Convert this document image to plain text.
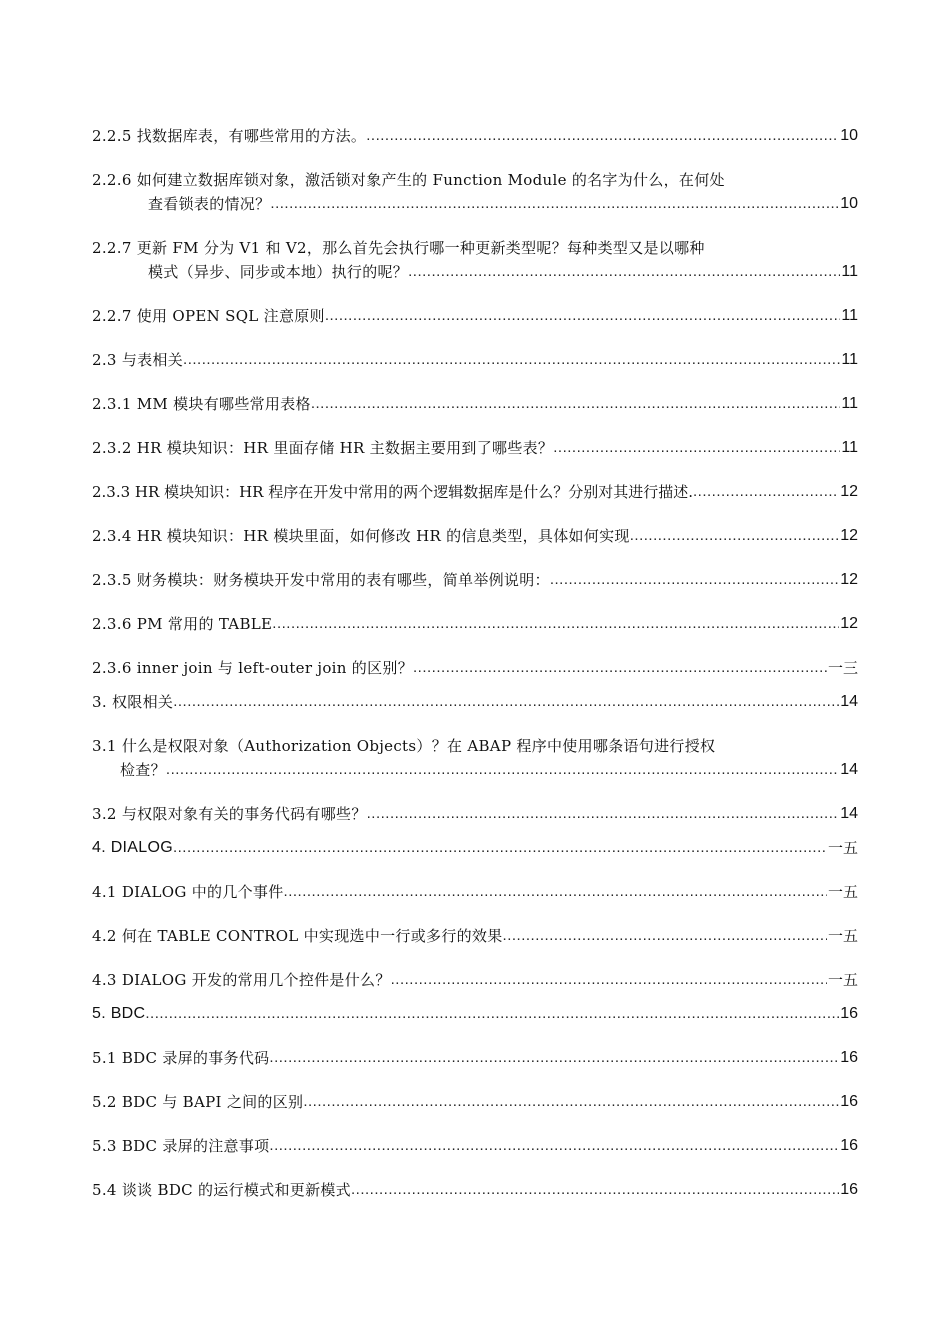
2.2.5 找数据库表，有哪些常用的方法。 .....	10
2.2.6 如何建立数据库锁对象，激活锁对象产生的 Function Module 的名字为什么，在何处
查看锁表的情况？ .....	10
2.2.7 更新 FM 分为 V1 和 V2，那么首先会执行哪一种更新类型呢？每种类型又是以哪种
模式（异步、同步或本地）执行的呢？ .....	11
2.2.7 使用 OPEN SQL 注意原则 .....	11
2.3 与表相关 .....	11
2.3.1 MM 模块有哪些常用表格 .....	11
2.3.2 HR 模块知识：HR 里面存储 HR 主数据主要用到了哪些表？ .....	11
2.3.3 HR 模块知识：HR 程序在开发中常用的两个逻辑数据库是什么？分别对其进行描述. .....	12
2.3.4 HR 模块知识：HR 模块里面，如何修改 HR 的信息类型，具体如何实现 .....	12
2.3.5 财务模块：财务模块开发中常用的表有哪些，简单举例说明： .....	12
2.3.6 PM 常用的 TABLE .....	12
2.3.6 inner join 与 left-outer join 的区别？ .....	一三
3. 权限相关 .....	14
3.1 什么是权限对象（Authorization Objects）？在 ABAP 程序中使用哪条语句进行授权
检查？ .....	14
3.2 与权限对象有关的事务代码有哪些？ .....	14
4. DIALOG .....	一五
4.1 DIALOG 中的几个事件 .....	一五
4.2 何在 TABLE CONTROL 中实现选中一行或多行的效果 .....	一五
4.3 DIALOG 开发的常用几个控件是什么？ .....	一五
5. BDC .....	16
5.1 BDC 录屏的事务代码 .....	16
5.2 BDC 与 BAPI 之间的区别 .....	16
5.3 BDC 录屏的注意事项 .....	16
5.4 谈谈 BDC 的运行模式和更新模式 .....	16
